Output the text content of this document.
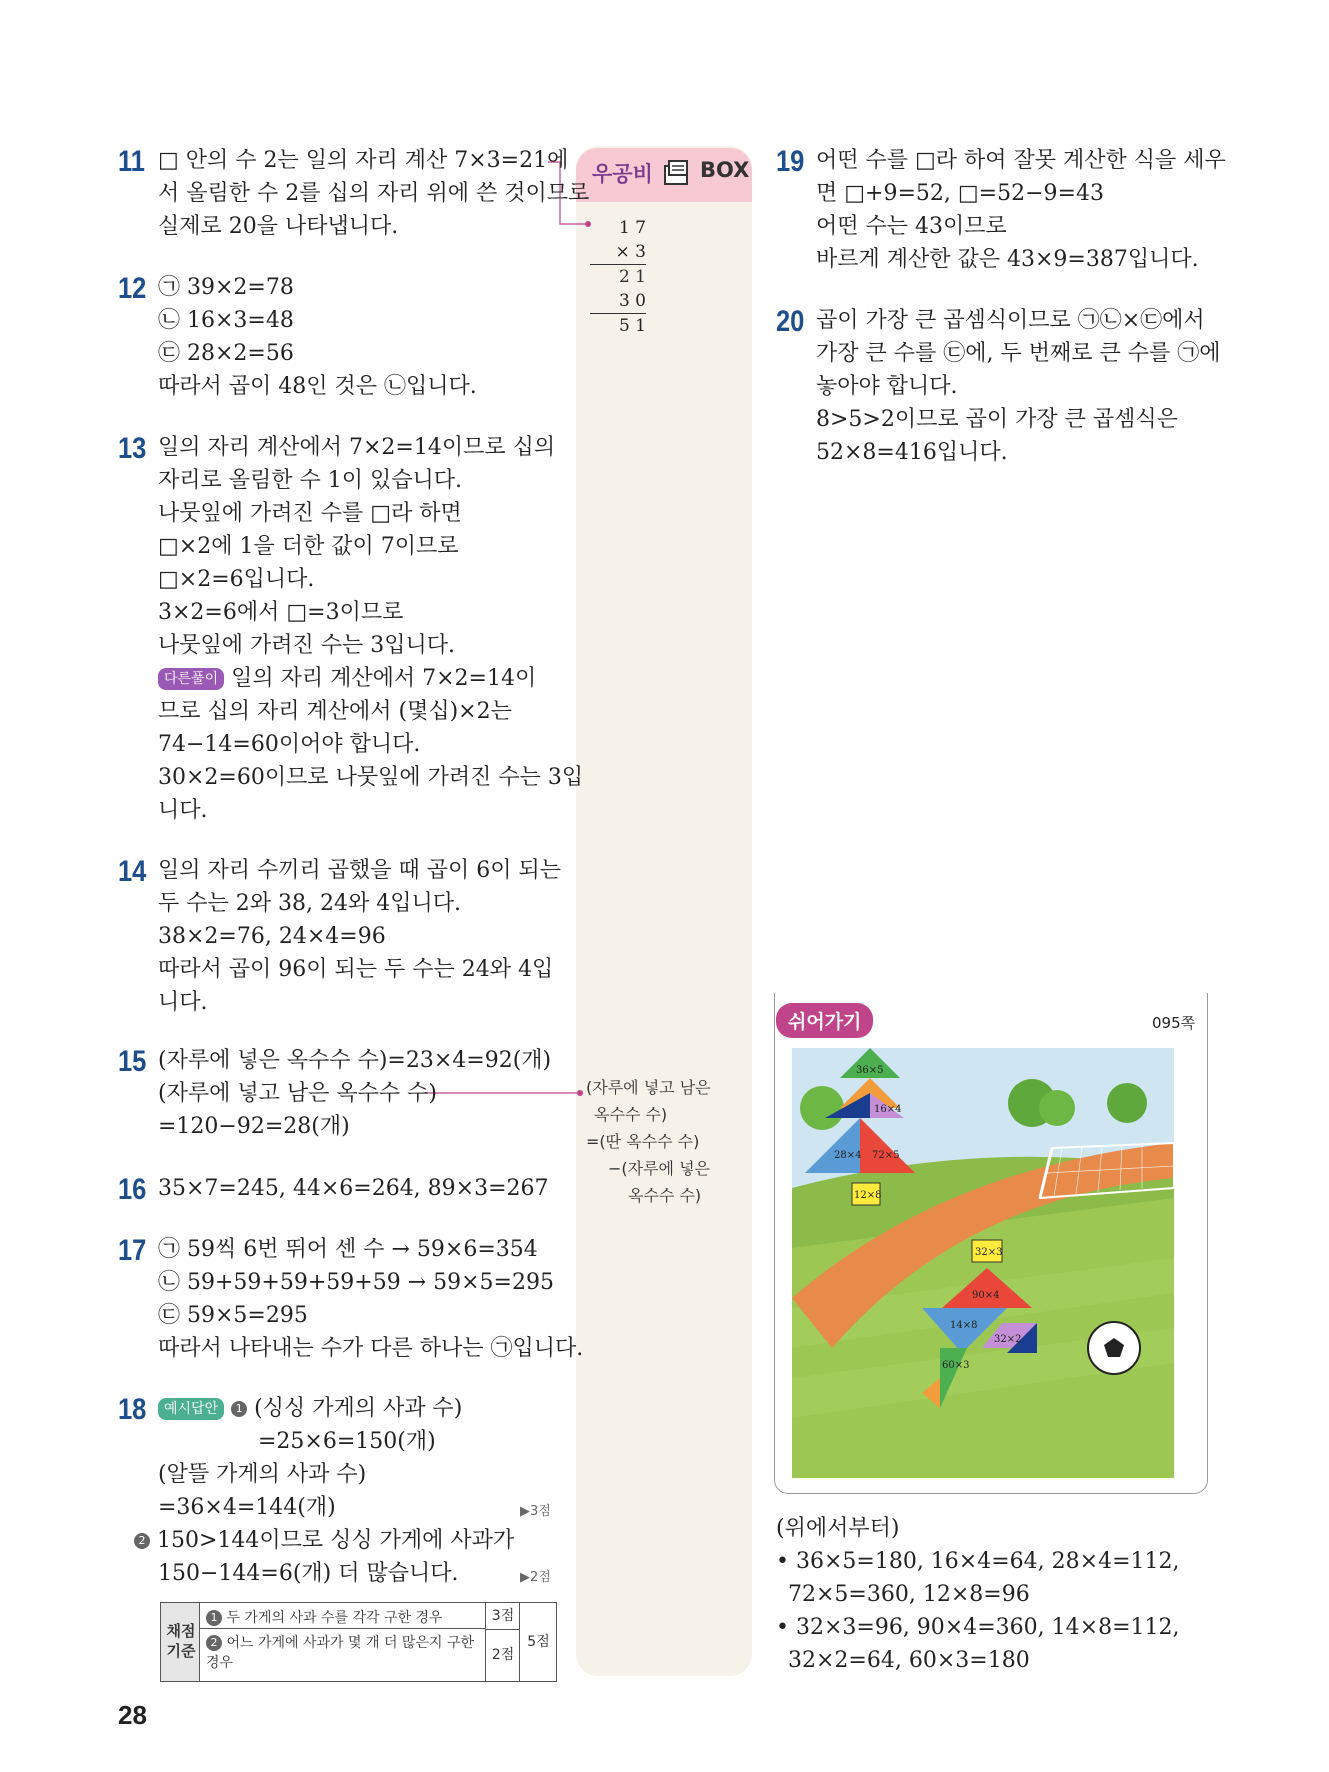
우공비 BOX
1 7
× 3
2 1
3 0
5 1
(자루에 넣고 남은
옥수수 수)
=(딴 옥수수 수)
−(자루에 넣은
옥수수 수)
11 □ 안의 수 2는 일의 자리 계산 7×3=21에
서 올림한 수 2를 십의 자리 위에 쓴 것이므로
실제로 20을 나타냅니다.
12 ㉠ 39×2=78
㉡ 16×3=48
㉢ 28×2=56
따라서 곱이 48인 것은 ㉡입니다.
13 일의 자리 계산에서 7×2=14이므로 십의
자리로 올림한 수 1이 있습니다.
나뭇잎에 가려진 수를 □라 하면
□×2에 1을 더한 값이 7이므로
□×2=6입니다.
3×2=6에서 □=3이므로
나뭇잎에 가려진 수는 3입니다.
다른풀이 일의 자리 계산에서 7×2=14이
므로 십의 자리 계산에서 (몇십)×2는
74−14=60이어야 합니다.
30×2=60이므로 나뭇잎에 가려진 수는 3입
니다.
14 일의 자리 수끼리 곱했을 때 곱이 6이 되는
두 수는 2와 38, 24와 4입니다.
38×2=76, 24×4=96
따라서 곱이 96이 되는 두 수는 24와 4입
니다.
15 (자루에 넣은 옥수수 수)=23×4=92(개)
(자루에 넣고 남은 옥수수 수)
=120−92=28(개)
16 35×7=245, 44×6=264, 89×3=267
17 ㉠ 59씩 6번 뛰어 센 수 → 59×6=354
㉡ 59+59+59+59+59 → 59×5=295
㉢ 59×5=295
따라서 나타내는 수가 다른 하나는 ㉠입니다.
18	예시답안 1 (싱싱 가게의 사과 수)
=25×6=150(개)
(알뜰 가게의 사과 수)
=36×4=144(개)
2 150>144이므로 싱싱 가게에 사과가
150−144=6(개) 더 많습니다.
▶3점
▶2점
채점 기준
1 두 가게의 사과 수를 각각 구한 경우
2 어느 가게에 사과가 몇 개 더 많은지 구한 경우
3점
2점
5점
19 어떤 수를 □라 하여 잘못 계산한 식을 세우
면 □+9=52, □=52−9=43
어떤 수는 43이므로
바르게 계산한 값은 43×9=387입니다.
20 곱이 가장 큰 곱셈식이므로 ㉠㉡×㉢에서
가장 큰 수를 ㉢에, 두 번째로 큰 수를 ㉠에
놓아야 합니다.
8>5>2이므로 곱이 가장 큰 곱셈식은
52×8=416입니다.
쉬어가기	095쪽
36×5
16×4
28×4 72×5
12×8
32×3
90×4
14×8
32×2
60×3
(위에서부터)
• 36×5=180, 16×4=64, 28×4=112,
72×5=360, 12×8=96
• 32×3=96, 90×4=360, 14×8=112,
32×2=64, 60×3=180
28
